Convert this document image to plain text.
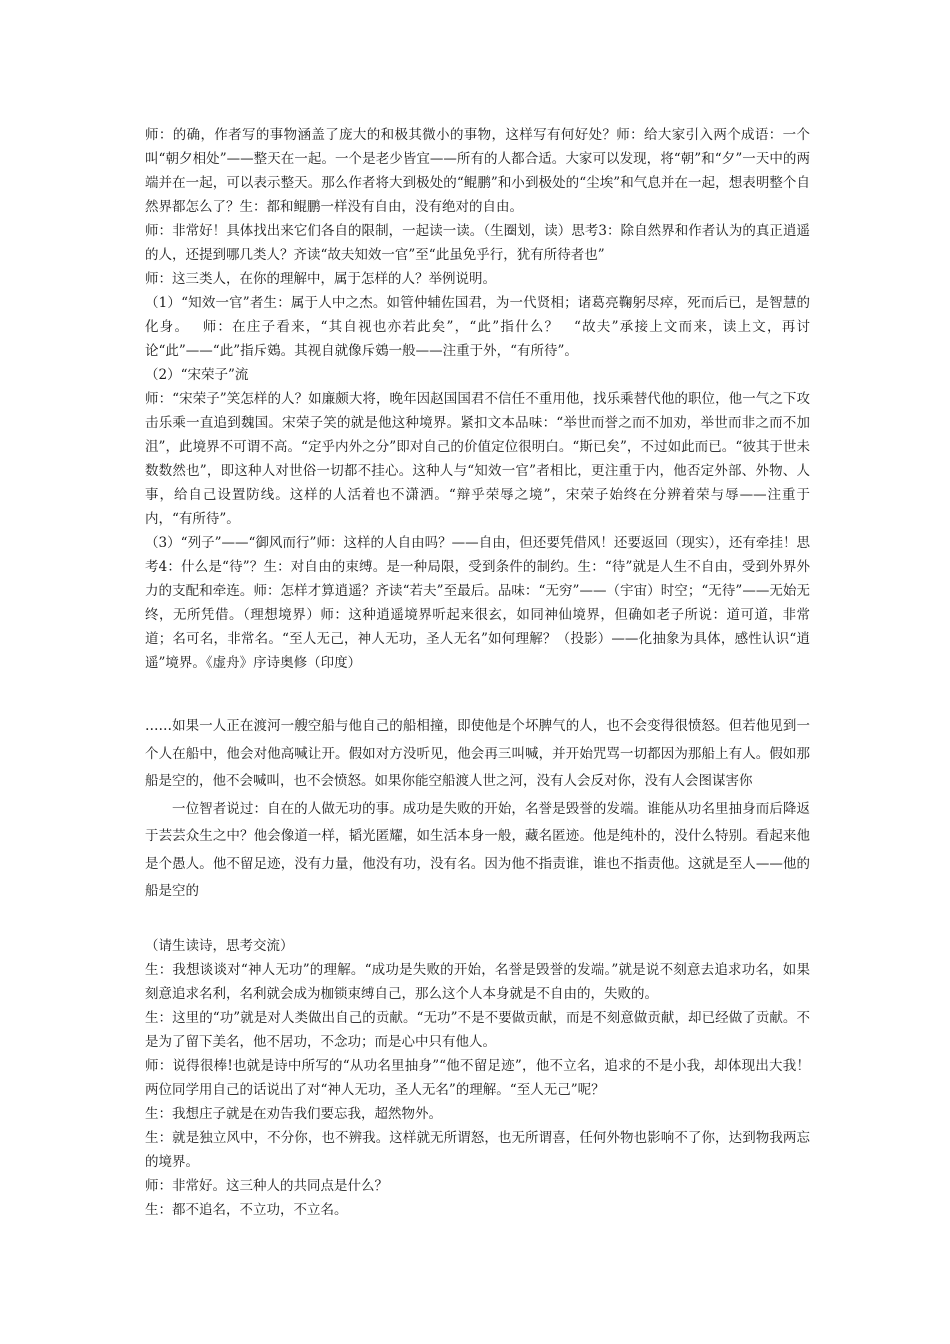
师：的确，作者写的事物涵盖了庞大的和极其微小的事物，这样写有何好处？师：给大家引入两个成语：一个叫“朝夕相处”——整天在一起。一个是老少皆宜——所有的人都合适。大家可以发现，将“朝”和“夕”一天中的两端并在一起，可以表示整天。那么作者将大到极处的“鲲鹏”和小到极处的“尘埃”和气息并在一起，想表明整个自然界都怎么了？生：都和鲲鹏一样没有自由，没有绝对的自由。

师：非常好！具体找出来它们各自的限制，一起读一读。（生圈划，读）思考3：除自然界和作者认为的真正逍遥的人，还提到哪几类人？齐读“故夫知效一官”至“此虽免乎行，犹有所待者也”

师：这三类人，在你的理解中，属于怎样的人？举例说明。

（1）“知效一官”者生：属于人中之杰。如管仲辅佐国君，为一代贤相；诸葛亮鞠躬尽瘁，死而后已，是智慧的化身。　 师：在庄子看来，“其自视也亦若此矣”，“此”指什么？　“故夫”承接上文而来，读上文，再讨论“此”——“此”指斥鴳。其视自就像斥鴳一般——注重于外，“有所待”。

（2）“宋荣子”流

师：“宋荣子”笑怎样的人？如廉颇大将，晚年因赵国国君不信任不重用他，找乐乘替代他的职位，他一气之下攻击乐乘一直追到魏国。宋荣子笑的就是他这种境界。紧扣文本品味：“举世而誉之而不加劝，举世而非之而不加沮”，此境界不可谓不高。“定乎内外之分”即对自己的价值定位很明白。“斯已矣”，不过如此而已。“彼其于世未数数然也”，即这种人对世俗一切都不挂心。这种人与“知效一官”者相比，更注重于内，他否定外部、外物、人事，给自己设置防线。这样的人活着也不潇洒。“辩乎荣辱之境”，宋荣子始终在分辨着荣与辱——注重于内，“有所待”。

（3）“列子”——“御风而行”师：这样的人自由吗？——自由，但还要凭借风！还要返回（现实），还有牵挂！思考4：什么是“待”？生：对自由的束缚。是一种局限，受到条件的制约。生：“待”就是人生不自由，受到外界外力的支配和牵连。师：怎样才算逍遥？齐读“若夫”至最后。品味：“无穷”——（宇宙）时空；“无待”——无始无终，无所凭借。（理想境界）师：这种逍遥境界听起来很玄，如同神仙境界，但确如老子所说：道可道，非常道；名可名，非常名。“至人无己，神人无功，圣人无名”如何理解？（投影）——化抽象为具体，感性认识“逍遥”境界。《虚舟》序诗奥修（印度）

……如果一人正在渡河一艘空船与他自己的船相撞，即使他是个坏脾气的人，也不会变得很愤怒。但若他见到一个人在船中，他会对他高喊让开。假如对方没听见，他会再三叫喊，并开始咒骂一切都因为那船上有人。假如那船是空的，他不会喊叫，也不会愤怒。如果你能空船渡人世之河，没有人会反对你，没有人会图谋害你

一位智者说过：自在的人做无功的事。成功是失败的开始，名誉是毁誉的发端。谁能从功名里抽身而后降返于芸芸众生之中？他会像道一样，韬光匿耀，如生活本身一般，藏名匿迹。他是纯朴的，没什么特别。看起来他是个愚人。他不留足迹，没有力量，他没有功，没有名。因为他不指责谁，谁也不指责他。这就是至人——他的船是空的

（请生读诗，思考交流）

生：我想谈谈对“神人无功”的理解。“成功是失败的开始，名誉是毁誉的发端。”就是说不刻意去追求功名，如果刻意追求名利，名利就会成为枷锁束缚自己，那么这个人本身就是不自由的，失败的。

生：这里的“功”就是对人类做出自己的贡献。“无功”不是不要做贡献，而是不刻意做贡献，却已经做了贡献。不是为了留下美名，他不居功，不念功；而是心中只有他人。

师：说得很棒!也就是诗中所写的“从功名里抽身”“他不留足迹”，他不立名，追求的不是小我，却体现出大我！两位同学用自己的话说出了对“神人无功，圣人无名”的理解。“至人无己”呢？

生：我想庄子就是在劝告我们要忘我，超然物外。

生：就是独立风中，不分你，也不辨我。这样就无所谓怒，也无所谓喜，任何外物也影响不了你，达到物我两忘的境界。

师：非常好。这三种人的共同点是什么？

生：都不追名，不立功，不立名。
